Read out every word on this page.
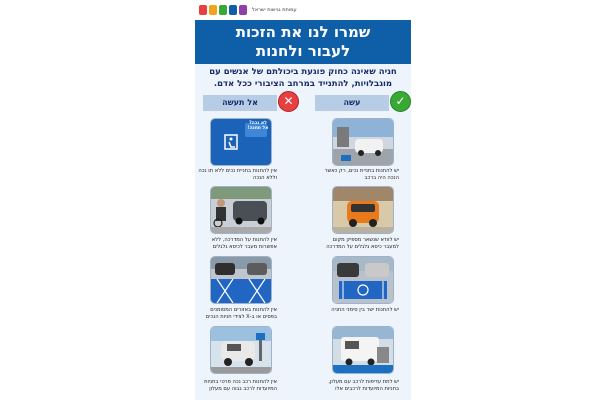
עמותת נגישות ישראל
שמרו לנו את הזכות
לעבור ולחנות
חניה שאינה כחוק פוגעת ביכולתם של אנשים עם מוגבלויות, להתנייד במרחב הציבורי ככל אדם.
עשה	✓
אל תעשה	✕
יש להחנות בחניית נכים, רק כאשר הנכה היה ברכב
יש לוודא שנשאר מספיק מקום למעבר כיסא גלגלים על המדרכה
יש להחנות ישר בין סימני החניה
יש לתת עדיפות לרכב עם מעלון, בחניות המיועדות לרכבים אלו
לא נכה? אל תחנה!
אין להחנות בחניית נכים ללא תו נכה וללא הנכה
אין להחנות על המדרכה, ללא אפשרות מעבר לכיסא גלגלים
אין להחנות באזורים המסומנים בפסים או ב-X לצידי חניות הנכים
אין להחנות רכב נכה פרטי בחניות המיועדות לרכב גבוה עם מעלון
